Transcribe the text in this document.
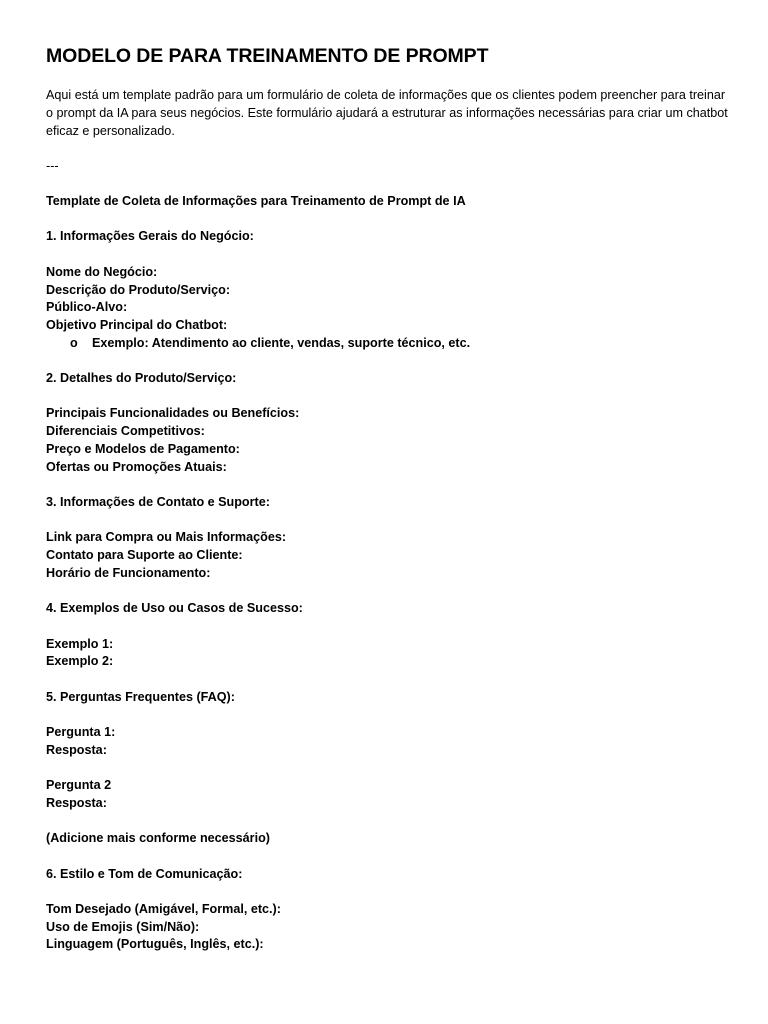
MODELO DE PARA TREINAMENTO DE PROMPT

Aqui está um template padrão para um formulário de coleta de informações que os clientes podem preencher para treinar o prompt da IA para seus negócios. Este formulário ajudará a estruturar as informações necessárias para criar um chatbot eficaz e personalizado.

---
Template de Coleta de Informações para Treinamento de Prompt de IA
1. Informações Gerais do Negócio:
Nome do Negócio:
Descrição do Produto/Serviço:
Público-Alvo:
Objetivo Principal do Chatbot:
o Exemplo: Atendimento ao cliente, vendas, suporte técnico, etc.
2. Detalhes do Produto/Serviço:
Principais Funcionalidades ou Benefícios:
Diferenciais Competitivos:
Preço e Modelos de Pagamento:
Ofertas ou Promoções Atuais:
3. Informações de Contato e Suporte:
Link para Compra ou Mais Informações:
Contato para Suporte ao Cliente:
Horário de Funcionamento:
4. Exemplos de Uso ou Casos de Sucesso:
Exemplo 1:
Exemplo 2:
5. Perguntas Frequentes (FAQ):
Pergunta 1:
Resposta:
Pergunta 2
Resposta:
(Adicione mais conforme necessário)
6. Estilo e Tom de Comunicação:
Tom Desejado (Amigável, Formal, etc.):
Uso de Emojis (Sim/Não):
Linguagem (Português, Inglês, etc.):
